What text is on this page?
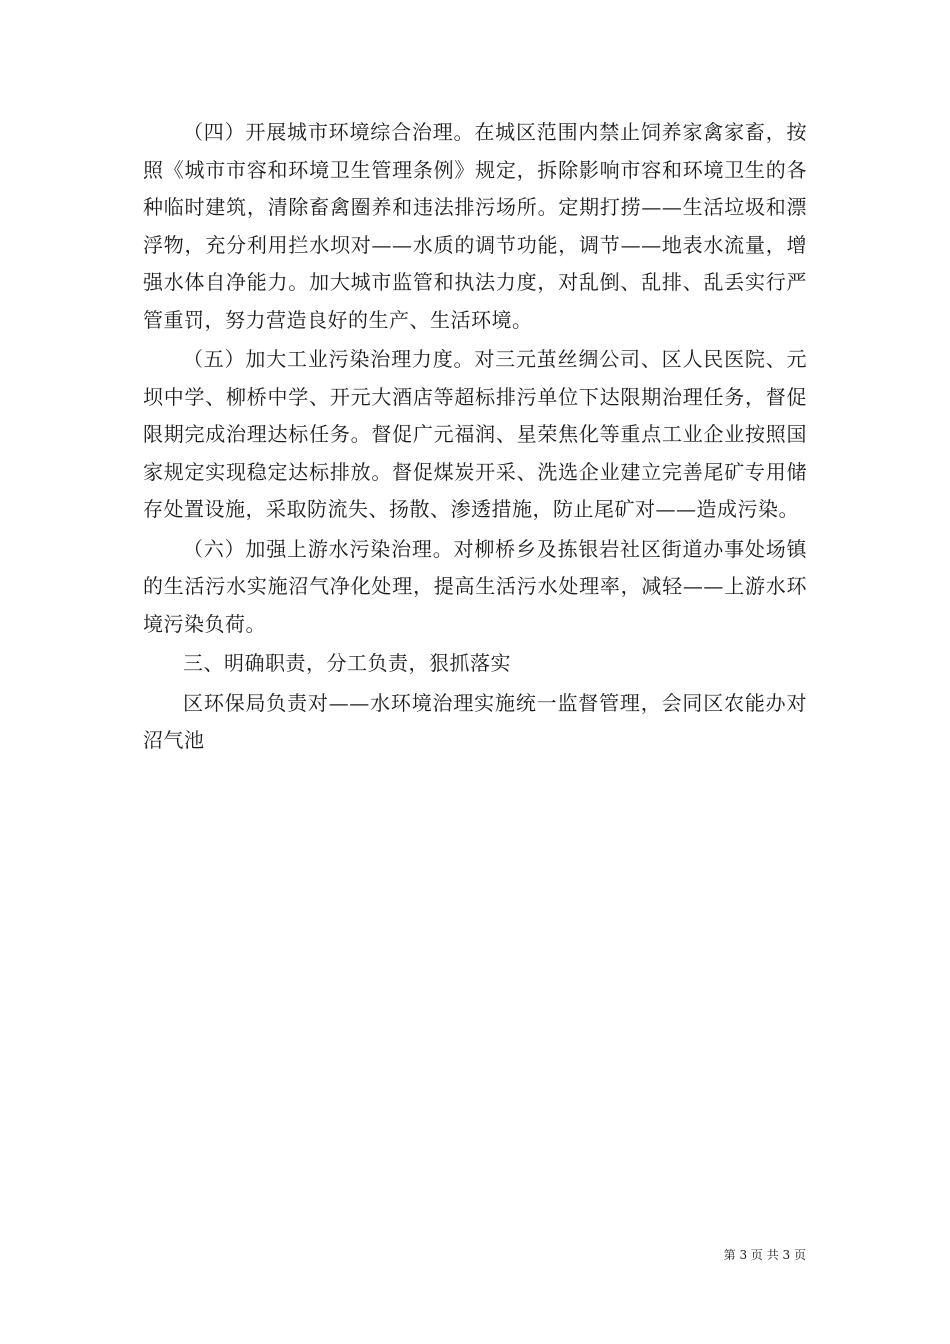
（四）开展城市环境综合治理。在城区范围内禁止饲养家禽家畜，按照《城市市容和环境卫生管理条例》规定，拆除影响市容和环境卫生的各种临时建筑，清除畜禽圈养和违法排污场所。定期打捞——生活垃圾和漂浮物，充分利用拦水坝对——水质的调节功能，调节——地表水流量，增强水体自净能力。加大城市监管和执法力度，对乱倒、乱排、乱丢实行严管重罚，努力营造良好的生产、生活环境。

（五）加大工业污染治理力度。对三元茧丝绸公司、区人民医院、元坝中学、柳桥中学、开元大酒店等超标排污单位下达限期治理任务，督促限期完成治理达标任务。督促广元福润、星荣焦化等重点工业企业按照国家规定实现稳定达标排放。督促煤炭开采、洗选企业建立完善尾矿专用储存处置设施，采取防流失、扬散、渗透措施，防止尾矿对——造成污染。

（六）加强上游水污染治理。对柳桥乡及拣银岩社区街道办事处场镇的生活污水实施沼气净化处理，提高生活污水处理率，减轻——上游水环境污染负荷。

三、明确职责，分工负责，狠抓落实

区环保局负责对——水环境治理实施统一监督管理，会同区农能办对沼气池

第 3 页 共 3 页
